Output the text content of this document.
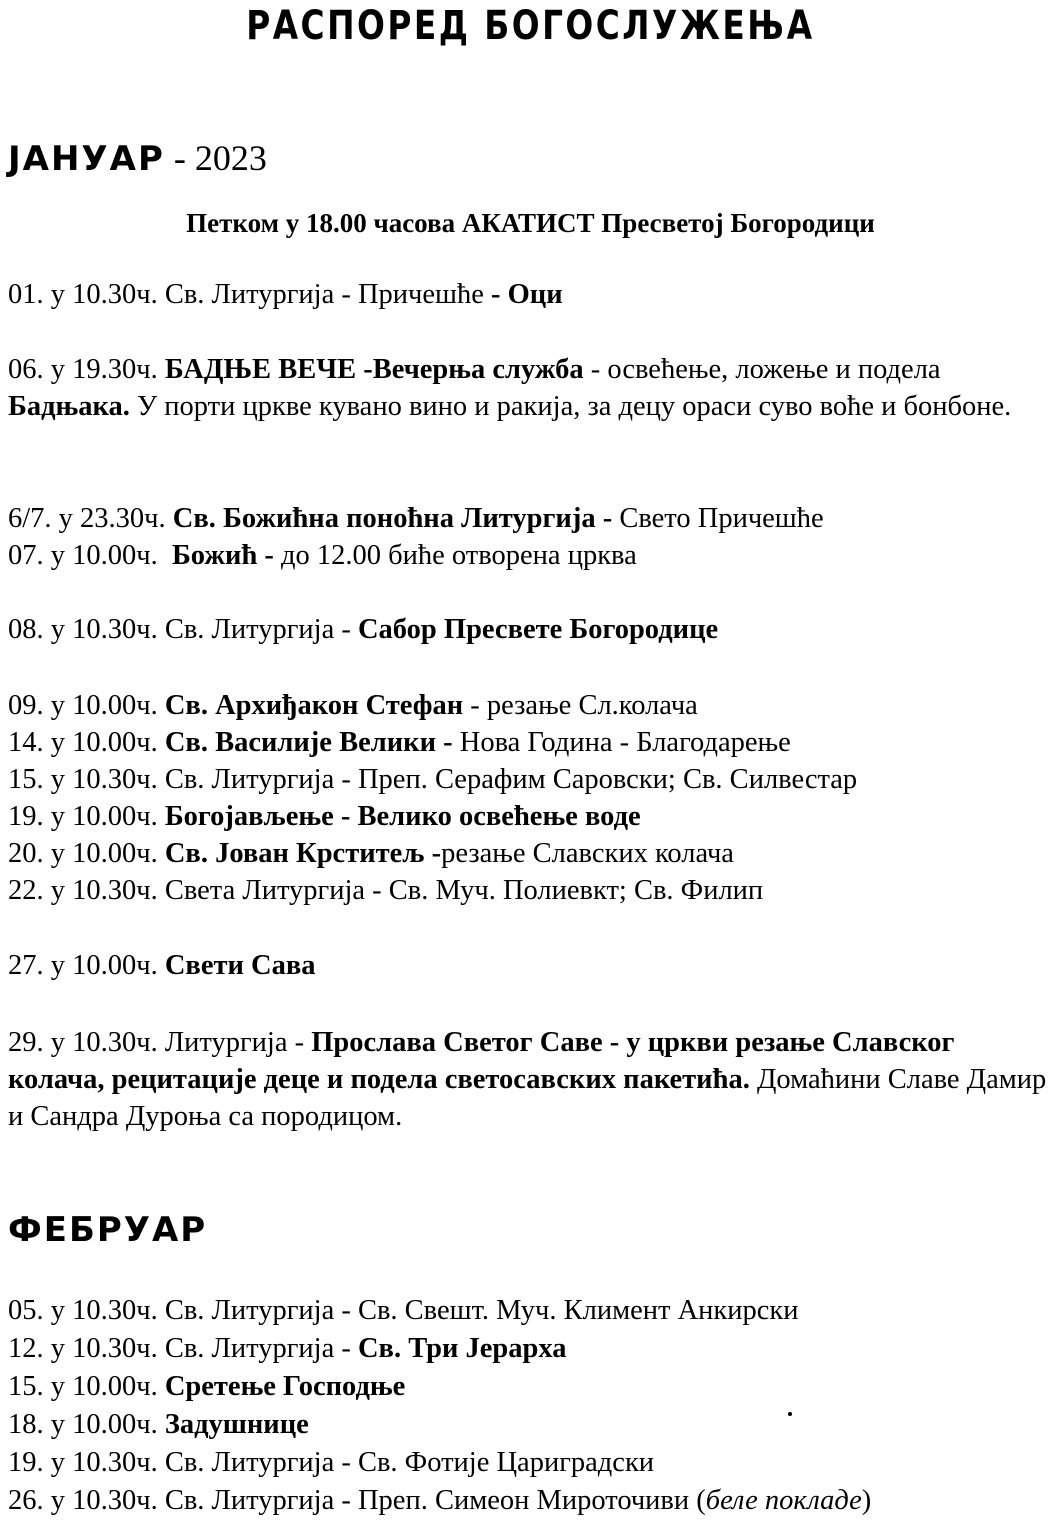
РАСПОРЕД БОГОСЛУЖЕЊА
ЈАНУАР - 2023
Петком у 18.00 часова АКАТИСТ Пресветој Богородици
01. у 10.30ч. Св. Литургија - Причешће - Оци
06. у 19.30ч. БАДЊЕ ВЕЧЕ -Вечерња служба - освећење, ложење и подела Бадњака. У порти цркве кувано вино и ракија, за децу ораси суво воће и бонбоне.
6/7. у 23.30ч. Св. Божићна поноћна Литургија - Свето Причешће
07. у 10.00ч.  Божић - до 12.00 биће отворена црква
08. у 10.30ч. Св. Литургија - Сабор Пресвете Богородице
09. у 10.00ч. Св. Архиђакон Стефан - резање Сл.колача
14. у 10.00ч. Св. Василије Велики - Нова Година - Благодарење
15. у 10.30ч. Св. Литургија - Преп. Серафим Саровски; Св. Силвестар
19. у 10.00ч. Богојављење - Велико освећење воде
20. у 10.00ч. Св. Јован Крститељ -резање Славских колача
22. у 10.30ч. Света Литургија - Св. Муч. Полиевкт; Св. Филип
27. у 10.00ч. Свети Сава
29. у 10.30ч. Литургија - Прослава Светог Саве - у цркви резање Славског колача, рецитације деце и подела светосавских пакетића. Домаћини Славе Дамир и Сандра Дуроња са породицом.
ФЕБРУАР
05. у 10.30ч. Св. Литургија - Св. Свешт. Муч. Климент Анкирски
12. у 10.30ч. Св. Литургија - Св. Три Јерарха
15. у 10.00ч. Сретење Господње
18. у 10.00ч. Задушнице
19. у 10.30ч. Св. Литургија - Св. Фотије Цариградски
26. у 10.30ч. Св. Литургија - Преп. Симеон Мироточиви (беле покладе)
